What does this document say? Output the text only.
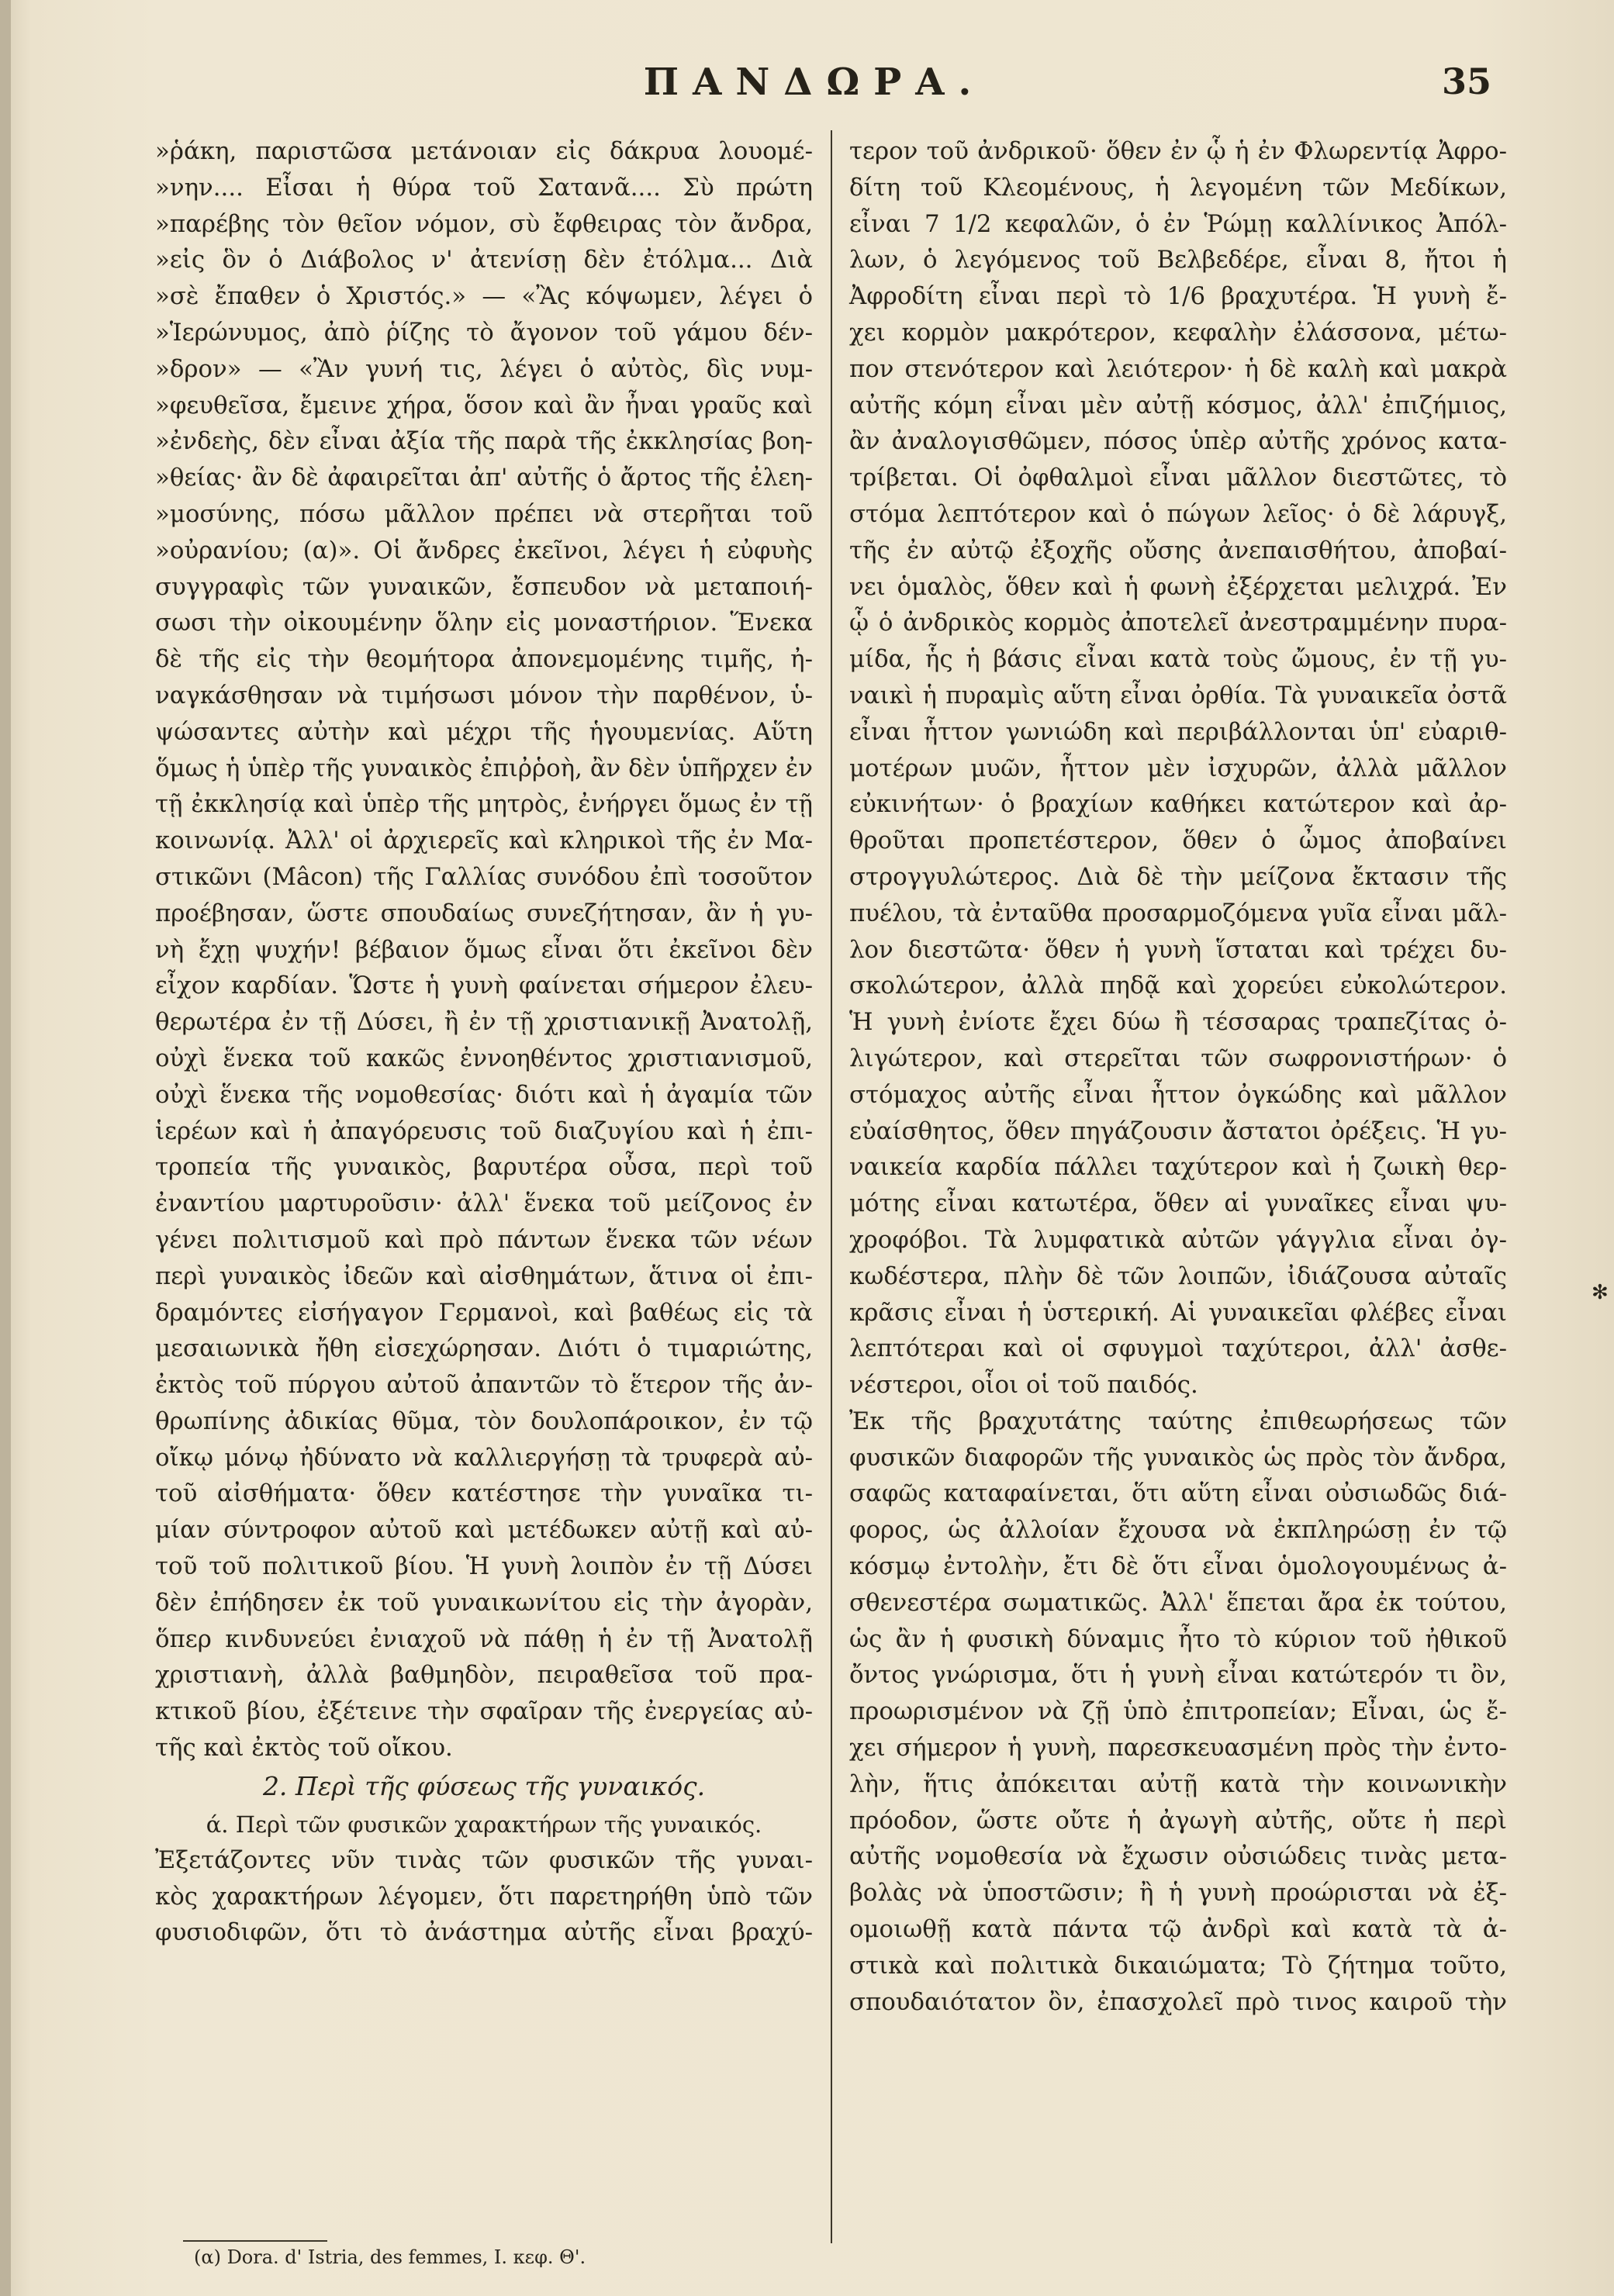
ΠΑΝΔΩΡΑ.	35
»ῥάκη, παριστῶσα μετάνοιαν εἰς δάκρυα λουομέ-
»νην.... Εἶσαι ἡ θύρα τοῦ Σατανᾶ.... Σὺ πρώτη
»παρέβης τὸν θεῖον νόμον, σὺ ἔφθειρας τὸν ἄνδρα,
»εἰς ὃν ὁ Διάβολος ν' ἀτενίσῃ δὲν ἐτόλμα... Διὰ
»σὲ ἔπαθεν ὁ Χριστός.» — «Ἂς κόψωμεν, λέγει ὁ
»Ἱερώνυμος, ἀπὸ ῥίζης τὸ ἄγονον τοῦ γάμου δέν-
»δρον» — «Ἂν γυνή τις, λέγει ὁ αὐτὸς, δὶς νυμ-
»φευθεῖσα, ἔμεινε χήρα, ὅσον καὶ ἂν ἦναι γραῦς καὶ
»ἐνδεὴς, δὲν εἶναι ἀξία τῆς παρὰ τῆς ἐκκλησίας βοη-
»θείας· ἂν δὲ ἀφαιρεῖται ἀπ' αὐτῆς ὁ ἄρτος τῆς ἐλεη-
»μοσύνης, πόσω μᾶλλον πρέπει νὰ στερῆται τοῦ
»οὐρανίου; (α)». Οἱ ἄνδρες ἐκεῖνοι, λέγει ἡ εὐφυὴς
συγγραφὶς τῶν γυναικῶν, ἔσπευδον νὰ μεταποιή-
σωσι τὴν οἰκουμένην ὅλην εἰς μοναστήριον. Ἕνεκα
δὲ τῆς εἰς τὴν θεομήτορα ἀπονεμομένης τιμῆς, ἠ-
ναγκάσθησαν νὰ τιμήσωσι μόνον τὴν παρθένον, ὑ-
ψώσαντες αὐτὴν καὶ μέχρι τῆς ἡγουμενίας. Αὕτη
ὅμως ἡ ὑπὲρ τῆς γυναικὸς ἐπιῤῥοὴ, ἂν δὲν ὑπῆρχεν ἐν
τῇ ἐκκλησίᾳ καὶ ὑπὲρ τῆς μητρὸς, ἐνήργει ὅμως ἐν τῇ
κοινωνίᾳ. Ἀλλ' οἱ ἀρχιερεῖς καὶ κληρικοὶ τῆς ἐν Μα-
στικῶνι (Mâcon) τῆς Γαλλίας συνόδου ἐπὶ τοσοῦτον
προέβησαν, ὥστε σπουδαίως συνεζήτησαν, ἂν ἡ γυ-
νὴ ἔχῃ ψυχήν! βέβαιον ὅμως εἶναι ὅτι ἐκεῖνοι δὲν
εἶχον καρδίαν. Ὥστε ἡ γυνὴ φαίνεται σήμερον ἐλευ-
θερωτέρα ἐν τῇ Δύσει, ἢ ἐν τῇ χριστιανικῇ Ἀνατολῇ,
οὐχὶ ἕνεκα τοῦ κακῶς ἐννοηθέντος χριστιανισμοῦ,
οὐχὶ ἕνεκα τῆς νομοθεσίας· διότι καὶ ἡ ἀγαμία τῶν
ἱερέων καὶ ἡ ἀπαγόρευσις τοῦ διαζυγίου καὶ ἡ ἐπι-
τροπεία τῆς γυναικὸς, βαρυτέρα οὖσα, περὶ τοῦ
ἐναντίου μαρτυροῦσιν· ἀλλ' ἕνεκα τοῦ μείζονος ἐν
γένει πολιτισμοῦ καὶ πρὸ πάντων ἕνεκα τῶν νέων
περὶ γυναικὸς ἰδεῶν καὶ αἰσθημάτων, ἅτινα οἱ ἐπι-
δραμόντες εἰσήγαγον Γερμανοὶ, καὶ βαθέως εἰς τὰ
μεσαιωνικὰ ἤθη εἰσεχώρησαν. Διότι ὁ τιμαριώτης,
ἐκτὸς τοῦ πύργου αὐτοῦ ἀπαντῶν τὸ ἕτερον τῆς ἀν-
θρωπίνης ἀδικίας θῦμα, τὸν δουλοπάροικον, ἐν τῷ
οἴκῳ μόνῳ ἠδύνατο νὰ καλλιεργήσῃ τὰ τρυφερὰ αὐ-
τοῦ αἰσθήματα· ὅθεν κατέστησε τὴν γυναῖκα τι-
μίαν σύντροφον αὐτοῦ καὶ μετέδωκεν αὐτῇ καὶ αὐ-
τοῦ τοῦ πολιτικοῦ βίου. Ἡ γυνὴ λοιπὸν ἐν τῇ Δύσει
δὲν ἐπήδησεν ἐκ τοῦ γυναικωνίτου εἰς τὴν ἀγορὰν,
ὅπερ κινδυνεύει ἐνιαχοῦ νὰ πάθῃ ἡ ἐν τῇ Ἀνατολῇ
χριστιανὴ, ἀλλὰ βαθμηδὸν, πειραθεῖσα τοῦ πρα-
κτικοῦ βίου, ἐξέτεινε τὴν σφαῖραν τῆς ἐνεργείας αὐ-
τῆς καὶ ἐκτὸς τοῦ οἴκου.
2. Περὶ τῆς φύσεως τῆς γυναικός.
ά. Περὶ τῶν φυσικῶν χαρακτήρων τῆς γυναικός.
Ἐξετάζοντες νῦν τινὰς τῶν φυσικῶν τῆς γυναι-
κὸς χαρακτήρων λέγομεν, ὅτι παρετηρήθη ὑπὸ τῶν
φυσιοδιφῶν, ὅτι τὸ ἀνάστημα αὐτῆς εἶναι βραχύ-
τερον τοῦ ἀνδρικοῦ· ὅθεν ἐν ᾧ ἡ ἐν Φλωρεντίᾳ Ἀφρο-
δίτη τοῦ Κλεομένους, ἡ λεγομένη τῶν Μεδίκων,
εἶναι 7 1/2 κεφαλῶν, ὁ ἐν Ῥώμῃ καλλίνικος Ἀπόλ-
λων, ὁ λεγόμενος τοῦ Βελβεδέρε, εἶναι 8, ἤτοι ἡ
Ἀφροδίτη εἶναι περὶ τὸ 1/6 βραχυτέρα. Ἡ γυνὴ ἔ-
χει κορμὸν μακρότερον, κεφαλὴν ἐλάσσονα, μέτω-
πον στενότερον καὶ λειότερον· ἡ δὲ καλὴ καὶ μακρὰ
αὐτῆς κόμη εἶναι μὲν αὐτῇ κόσμος, ἀλλ' ἐπιζήμιος,
ἂν ἀναλογισθῶμεν, πόσος ὑπὲρ αὐτῆς χρόνος κατα-
τρίβεται. Οἱ ὀφθαλμοὶ εἶναι μᾶλλον διεστῶτες, τὸ
στόμα λεπτότερον καὶ ὁ πώγων λεῖος· ὁ δὲ λάρυγξ,
τῆς ἐν αὐτῷ ἐξοχῆς οὔσης ἀνεπαισθήτου, ἀποβαί-
νει ὁμαλὸς, ὅθεν καὶ ἡ φωνὴ ἐξέρχεται μελιχρά. Ἐν
ᾧ ὁ ἀνδρικὸς κορμὸς ἀποτελεῖ ἀνεστραμμένην πυρα-
μίδα, ἧς ἡ βάσις εἶναι κατὰ τοὺς ὤμους, ἐν τῇ γυ-
ναικὶ ἡ πυραμὶς αὕτη εἶναι ὀρθία. Τὰ γυναικεῖα ὀστᾶ
εἶναι ἧττον γωνιώδη καὶ περιβάλλονται ὑπ' εὐαριθ-
μοτέρων μυῶν, ἧττον μὲν ἰσχυρῶν, ἀλλὰ μᾶλλον
εὐκινήτων· ὁ βραχίων καθήκει κατώτερον καὶ ἀρ-
θροῦται προπετέστερον, ὅθεν ὁ ὦμος ἀποβαίνει
στρογγυλώτερος. Διὰ δὲ τὴν μείζονα ἔκτασιν τῆς
πυέλου, τὰ ἐνταῦθα προσαρμοζόμενα γυῖα εἶναι μᾶλ-
λον διεστῶτα· ὅθεν ἡ γυνὴ ἵσταται καὶ τρέχει δυ-
σκολώτερον, ἀλλὰ πηδᾷ καὶ χορεύει εὐκολώτερον.
Ἡ γυνὴ ἐνίοτε ἔχει δύω ἢ τέσσαρας τραπεζίτας ὀ-
λιγώτερον, καὶ στερεῖται τῶν σωφρονιστήρων· ὁ
στόμαχος αὐτῆς εἶναι ἧττον ὀγκώδης καὶ μᾶλλον
εὐαίσθητος, ὅθεν πηγάζουσιν ἄστατοι ὀρέξεις. Ἡ γυ-
ναικεία καρδία πάλλει ταχύτερον καὶ ἡ ζωικὴ θερ-
μότης εἶναι κατωτέρα, ὅθεν αἱ γυναῖκες εἶναι ψυ-
χροφόβοι. Τὰ λυμφατικὰ αὐτῶν γάγγλια εἶναι ὀγ-
κωδέστερα, πλὴν δὲ τῶν λοιπῶν, ἰδιάζουσα αὐταῖς
κρᾶσις εἶναι ἡ ὑστερική. Αἱ γυναικεῖαι φλέβες εἶναι
λεπτότεραι καὶ οἱ σφυγμοὶ ταχύτεροι, ἀλλ' ἀσθε-
νέστεροι, οἷοι οἱ τοῦ παιδός.
Ἐκ τῆς βραχυτάτης ταύτης ἐπιθεωρήσεως τῶν
φυσικῶν διαφορῶν τῆς γυναικὸς ὡς πρὸς τὸν ἄνδρα,
σαφῶς καταφαίνεται, ὅτι αὕτη εἶναι οὐσιωδῶς διά-
φορος, ὡς ἀλλοίαν ἔχουσα νὰ ἐκπληρώσῃ ἐν τῷ
κόσμῳ ἐντολὴν, ἔτι δὲ ὅτι εἶναι ὁμολογουμένως ἀ-
σθενεστέρα σωματικῶς. Ἀλλ' ἕπεται ἄρα ἐκ τούτου,
ὡς ἂν ἡ φυσικὴ δύναμις ἦτο τὸ κύριον τοῦ ἠθικοῦ
ὄντος γνώρισμα, ὅτι ἡ γυνὴ εἶναι κατώτερόν τι ὂν,
προωρισμένον νὰ ζῇ ὑπὸ ἐπιτροπείαν; Εἶναι, ὡς ἔ-
χει σήμερον ἡ γυνὴ, παρεσκευασμένη πρὸς τὴν ἐντο-
λὴν, ἥτις ἀπόκειται αὐτῇ κατὰ τὴν κοινωνικὴν
πρόοδον, ὥστε οὔτε ἡ ἀγωγὴ αὐτῆς, οὔτε ἡ περὶ
αὐτῆς νομοθεσία νὰ ἔχωσιν οὐσιώδεις τινὰς μετα-
βολὰς νὰ ὑποστῶσιν; ἢ ἡ γυνὴ προώρισται νὰ ἐξ-
ομοιωθῇ κατὰ πάντα τῷ ἀνδρὶ καὶ κατὰ τὰ ἀ-
στικὰ καὶ πολιτικὰ δικαιώματα; Τὸ ζήτημα τοῦτο,
σπουδαιότατον ὂν, ἐπασχολεῖ πρὸ τινος καιροῦ τὴν
(α) Dora. d' Istria, des femmes, I. κεφ. Θ'.
✻
